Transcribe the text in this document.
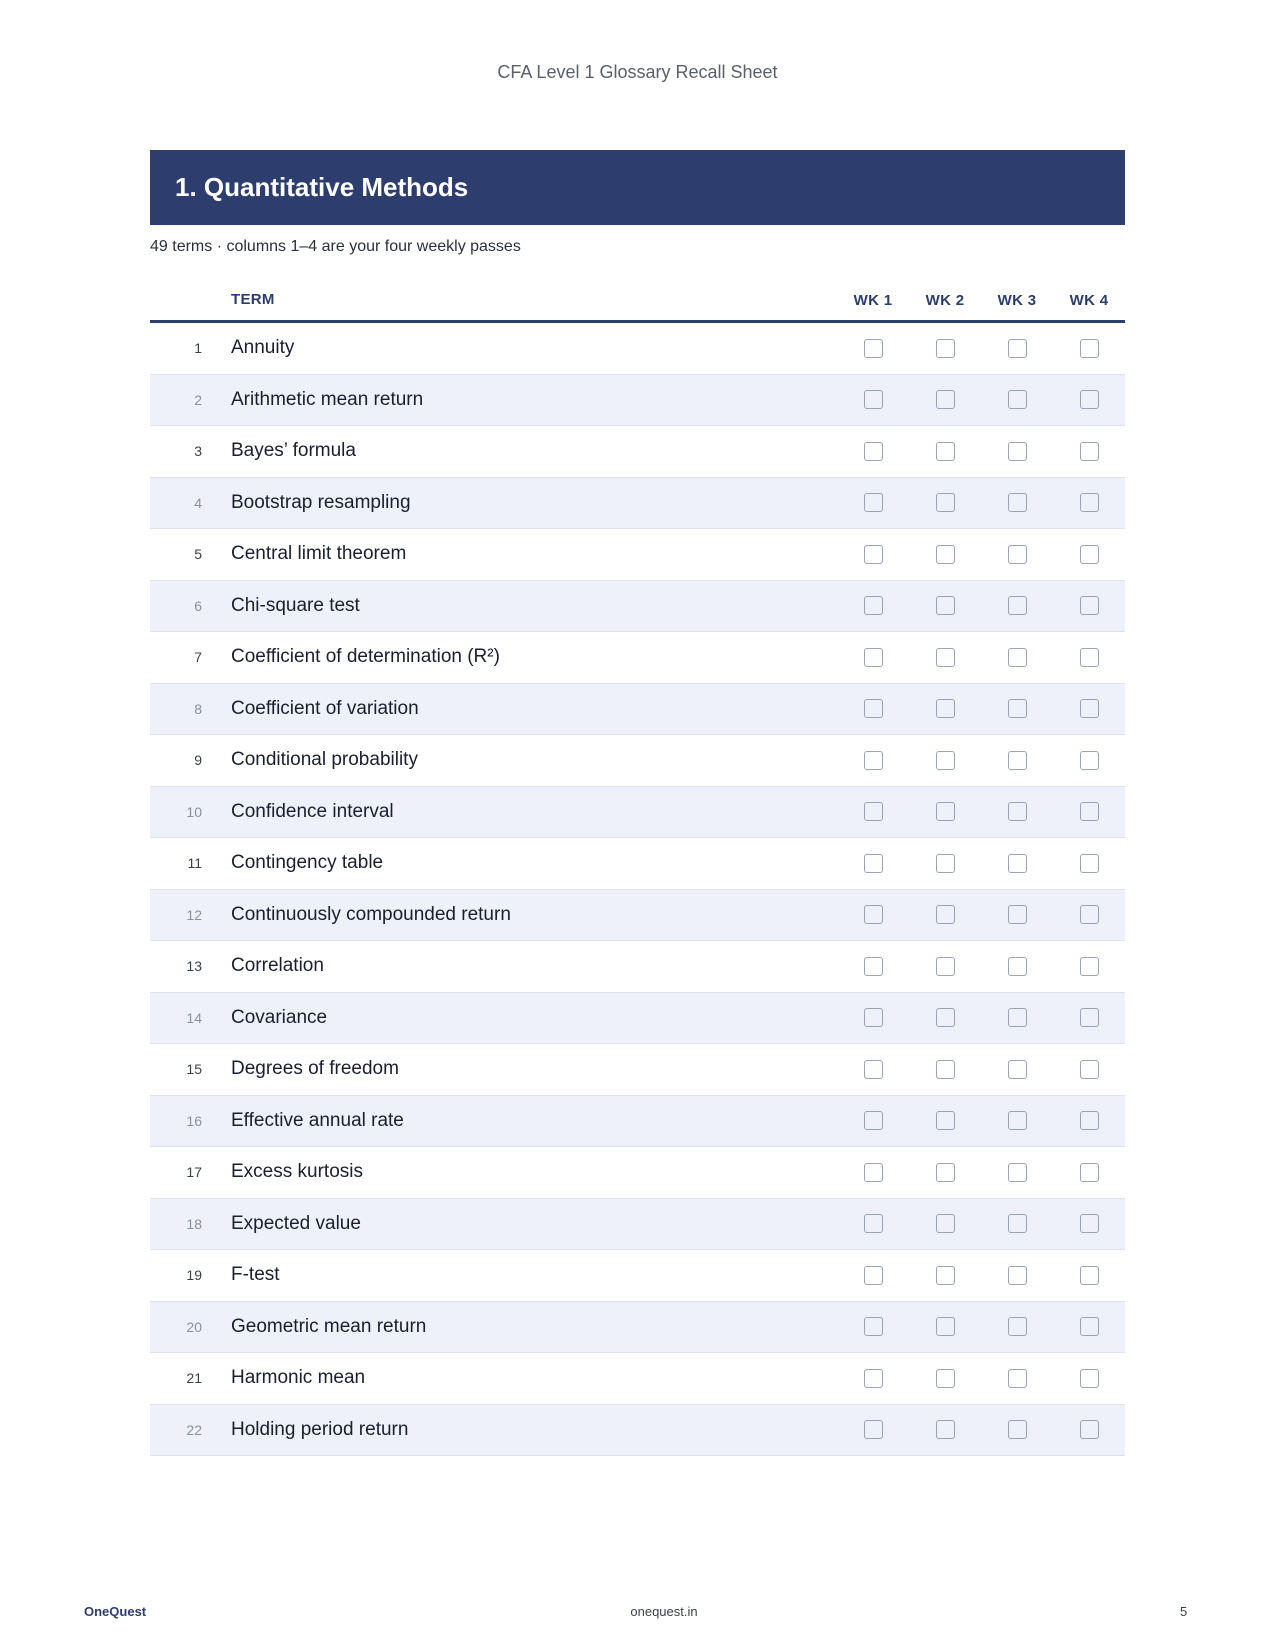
CFA Level 1 Glossary Recall Sheet
1. Quantitative Methods
49 terms · columns 1–4 are your four weekly passes
TERM	WK 1 WK 2 WK 3 WK 4
1	Annuity
2	Arithmetic mean return
3	Bayes’ formula
4	Bootstrap resampling
5	Central limit theorem
6	Chi-square test
7	Coefficient of determination (R²)
8	Coefficient of variation
9	Conditional probability
10	Confidence interval
11	Contingency table
12	Continuously compounded return
13	Correlation
14	Covariance
15	Degrees of freedom
16	Effective annual rate
17	Excess kurtosis
18	Expected value
19	F-test
20	Geometric mean return
21	Harmonic mean
22	Holding period return
OneQuest	onequest.in	5
